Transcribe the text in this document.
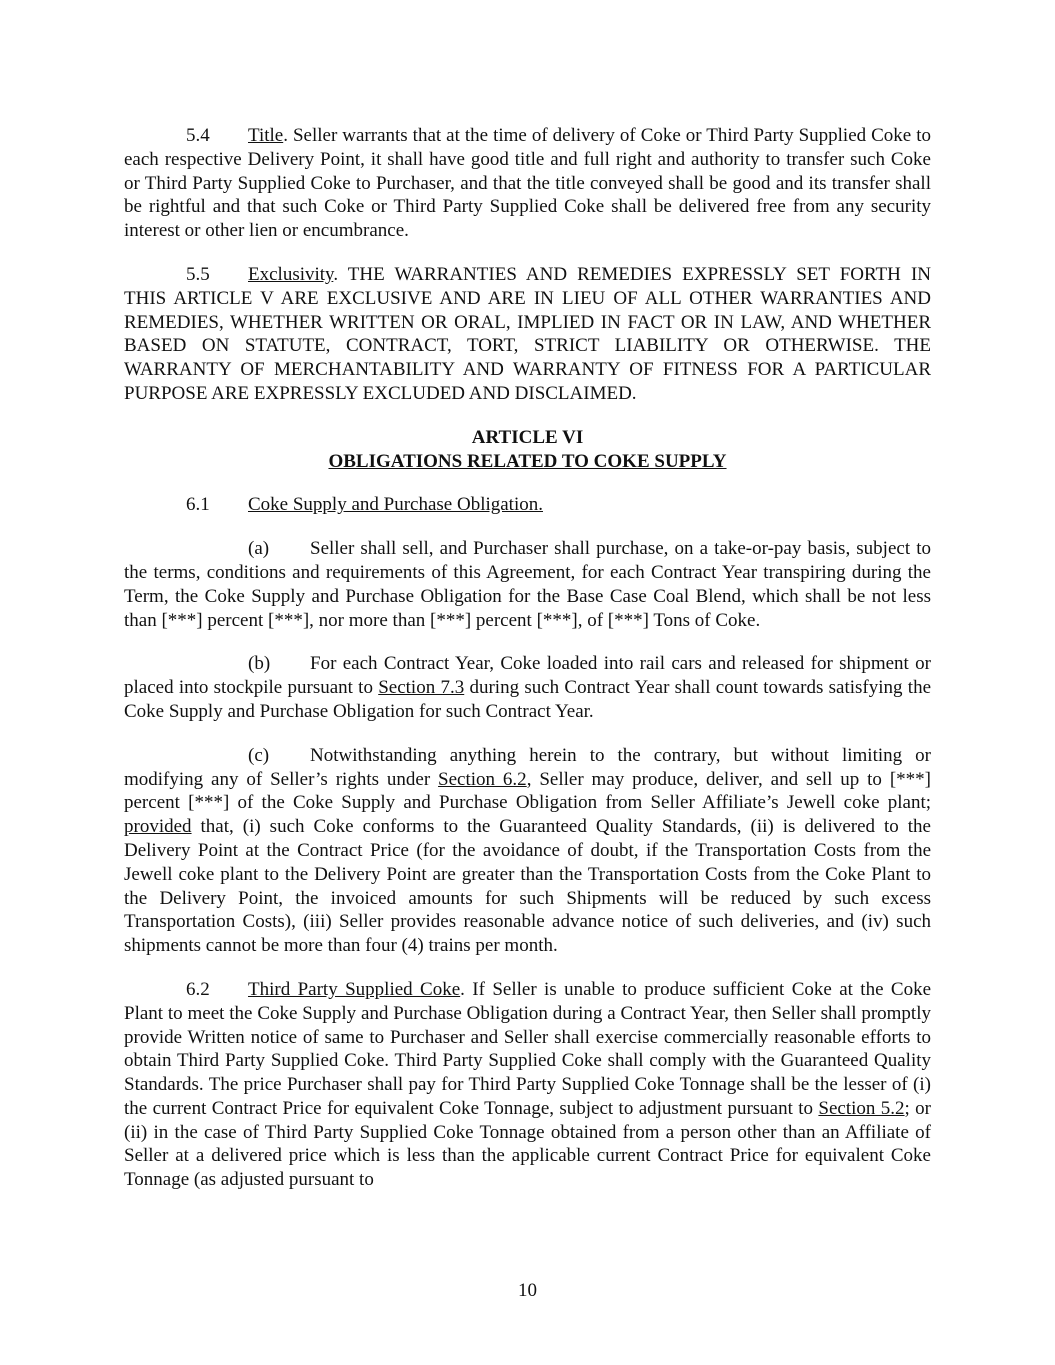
5.4 Title. Seller warrants that at the time of delivery of Coke or Third Party Supplied Coke to each respective Delivery Point, it shall have good title and full right and authority to transfer such Coke or Third Party Supplied Coke to Purchaser, and that the title conveyed shall be good and its transfer shall be rightful and that such Coke or Third Party Supplied Coke shall be delivered free from any security interest or other lien or encumbrance.

5.5 Exclusivity. THE WARRANTIES AND REMEDIES EXPRESSLY SET FORTH IN THIS ARTICLE V ARE EXCLUSIVE AND ARE IN LIEU OF ALL OTHER WARRANTIES AND REMEDIES, WHETHER WRITTEN OR ORAL, IMPLIED IN FACT OR IN LAW, AND WHETHER BASED ON STATUTE, CONTRACT, TORT, STRICT LIABILITY OR OTHERWISE. THE WARRANTY OF MERCHANTABILITY AND WARRANTY OF FITNESS FOR A PARTICULAR PURPOSE ARE EXPRESSLY EXCLUDED AND DISCLAIMED.

ARTICLE VI
OBLIGATIONS RELATED TO COKE SUPPLY

6.1 Coke Supply and Purchase Obligation.

(a) Seller shall sell, and Purchaser shall purchase, on a take-or-pay basis, subject to the terms, conditions and requirements of this Agreement, for each Contract Year transpiring during the Term, the Coke Supply and Purchase Obligation for the Base Case Coal Blend, which shall be not less than [***] percent [***], nor more than [***] percent [***], of [***] Tons of Coke.

(b) For each Contract Year, Coke loaded into rail cars and released for shipment or placed into stockpile pursuant to Section 7.3 during such Contract Year shall count towards satisfying the Coke Supply and Purchase Obligation for such Contract Year.

(c) Notwithstanding anything herein to the contrary, but without limiting or modifying any of Seller’s rights under Section 6.2, Seller may produce, deliver, and sell up to [***] percent [***] of the Coke Supply and Purchase Obligation from Seller Affiliate’s Jewell coke plant; provided that, (i) such Coke conforms to the Guaranteed Quality Standards, (ii) is delivered to the Delivery Point at the Contract Price (for the avoidance of doubt, if the Transportation Costs from the Jewell coke plant to the Delivery Point are greater than the Transportation Costs from the Coke Plant to the Delivery Point, the invoiced amounts for such Shipments will be reduced by such excess Transportation Costs), (iii) Seller provides reasonable advance notice of such deliveries, and (iv) such shipments cannot be more than four (4) trains per month.

6.2 Third Party Supplied Coke. If Seller is unable to produce sufficient Coke at the Coke Plant to meet the Coke Supply and Purchase Obligation during a Contract Year, then Seller shall promptly provide Written notice of same to Purchaser and Seller shall exercise commercially reasonable efforts to obtain Third Party Supplied Coke. Third Party Supplied Coke shall comply with the Guaranteed Quality Standards. The price Purchaser shall pay for Third Party Supplied Coke Tonnage shall be the lesser of (i) the current Contract Price for equivalent Coke Tonnage, subject to adjustment pursuant to Section 5.2; or (ii) in the case of Third Party Supplied Coke Tonnage obtained from a person other than an Affiliate of Seller at a delivered price which is less than the applicable current Contract Price for equivalent Coke Tonnage (as adjusted pursuant to

10
